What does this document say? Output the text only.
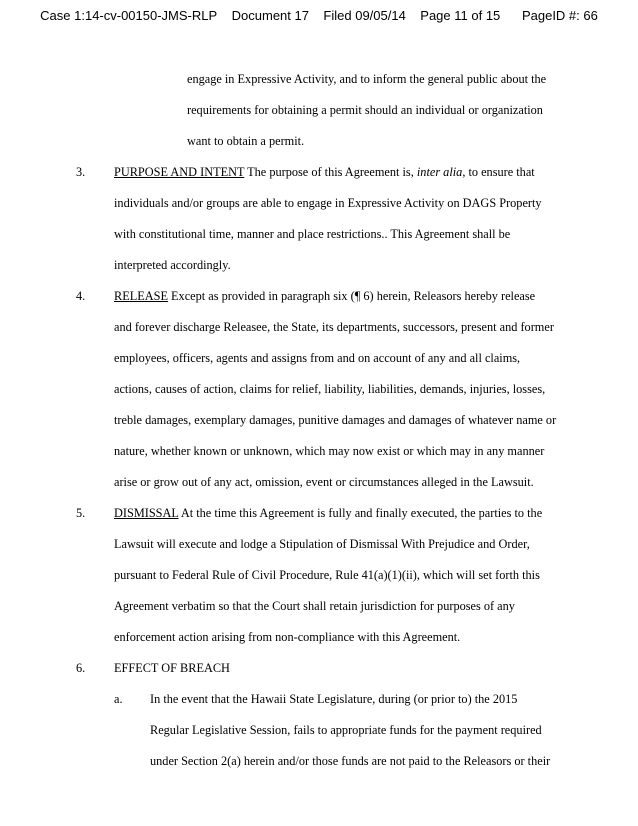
Case 1:14-cv-00150-JMS-RLP Document 17 Filed 09/05/14 Page 11 of 15 PageID #: 66
engage in Expressive Activity, and to inform the general public about the
requirements for obtaining a permit should an individual or organization
want to obtain a permit.
3. PURPOSE AND INTENT The purpose of this Agreement is, inter alia, to ensure that
individuals and/or groups are able to engage in Expressive Activity on DAGS Property
with constitutional time, manner and place restrictions.. This Agreement shall be
interpreted accordingly.
4. RELEASE Except as provided in paragraph six (¶ 6) herein, Releasors hereby release
and forever discharge Releasee, the State, its departments, successors, present and former
employees, officers, agents and assigns from and on account of any and all claims,
actions, causes of action, claims for relief, liability, liabilities, demands, injuries, losses,
treble damages, exemplary damages, punitive damages and damages of whatever name or
nature, whether known or unknown, which may now exist or which may in any manner
arise or grow out of any act, omission, event or circumstances alleged in the Lawsuit.
5. DISMISSAL At the time this Agreement is fully and finally executed, the parties to the
Lawsuit will execute and lodge a Stipulation of Dismissal With Prejudice and Order,
pursuant to Federal Rule of Civil Procedure, Rule 41(a)(1)(ii), which will set forth this
Agreement verbatim so that the Court shall retain jurisdiction for purposes of any
enforcement action arising from non-compliance with this Agreement.
6. EFFECT OF BREACH
a. In the event that the Hawaii State Legislature, during (or prior to) the 2015
Regular Legislative Session, fails to appropriate funds for the payment required
under Section 2(a) herein and/or those funds are not paid to the Releasors or their
